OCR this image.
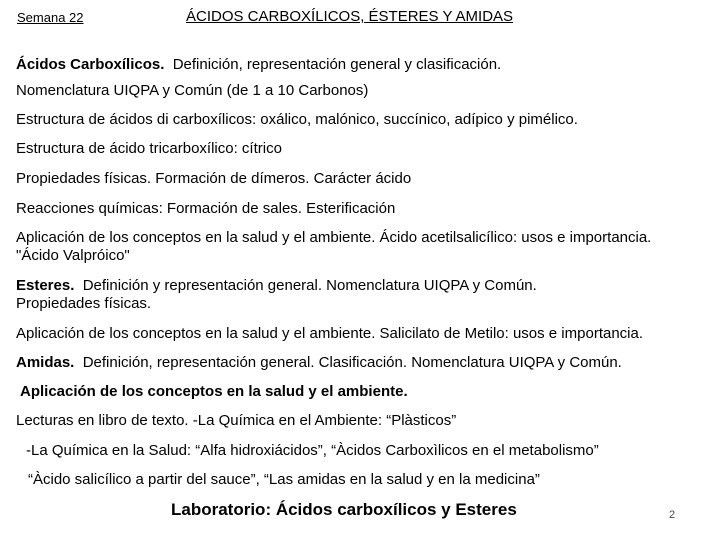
Semana 22	ÁCIDOS CARBOXÍLICOS, ÉSTERES Y AMIDAS
Ácidos Carboxílicos.  Definición, representación general y clasificación.
Nomenclatura UIQPA y Común (de 1 a 10 Carbonos)
Estructura de ácidos di carboxílicos: oxálico, malónico, succínico, adípico y pimélico.
Estructura de ácido tricarboxílico: cítrico
Propiedades físicas. Formación de dímeros. Carácter ácido
Reacciones químicas: Formación de sales. Esterificación
Aplicación de los conceptos en la salud y el ambiente. Ácido acetilsalicílico: usos e importancia.
"Ácido Valpróico"
Esteres.  Definición y representación general. Nomenclatura UIQPA y Común.
Propiedades físicas.
Aplicación de los conceptos en la salud y el ambiente. Salicilato de Metilo: usos e importancia.
Amidas.  Definición, representación general. Clasificación. Nomenclatura UIQPA y Común.
Aplicación de los conceptos en la salud y el ambiente.
Lecturas en libro de texto. -La Química en el Ambiente: “Plàsticos”
-La Química en la Salud: “Alfa hidroxiácidos”, “Àcidos Carboxìlicos en el metabolismo”
“Àcido salicílico a partir del sauce”, “Las amidas en la salud y en la medicina”
Laboratorio: Ácidos carboxílicos y Esteres	2
